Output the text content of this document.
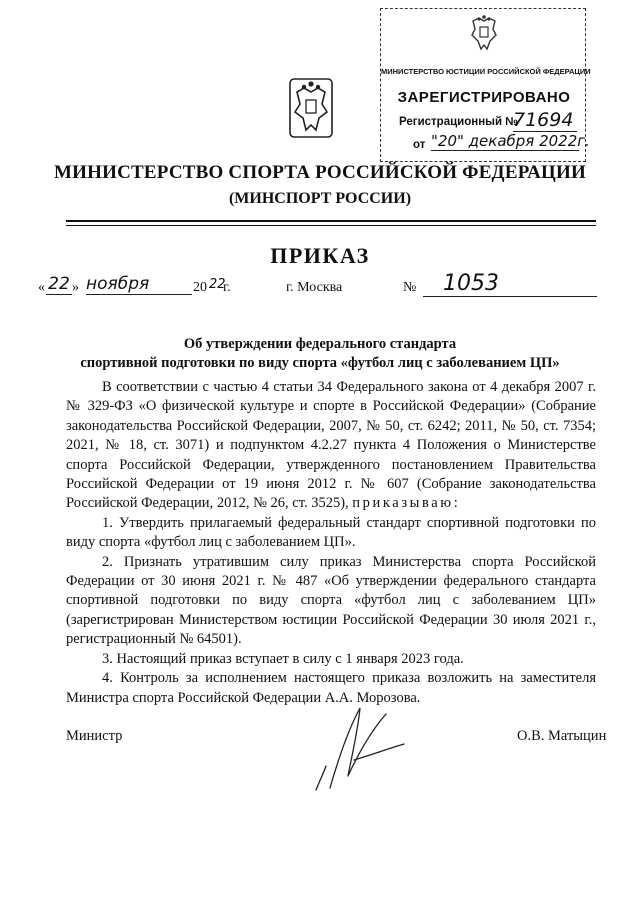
МИНИСТЕРСТВО ЮСТИЦИИ РОССИЙСКОЙ ФЕДЕРАЦИИ
ЗАРЕГИСТРИРОВАНО
Регистрационный №
71694
от "20" декабря 2022г.
МИНИСТЕРСТВО СПОРТА РОССИЙСКОЙ ФЕДЕРАЦИИ
(МИНСПОРТ РОССИИ)
ПРИКАЗ
« 22 » ноября	20 22
г.	г. Москва	№	1053
Об утверждении федерального стандарта
спортивной подготовки по виду спорта «футбол лиц с заболеванием ЦП»

В соответствии с частью 4 статьи 34 Федерального закона от 4 декабря 2007 г. № 329-ФЗ «О физической культуре и спорте в Российской Федерации» (Собрание законодательства Российской Федерации, 2007, № 50, ст. 6242; 2011, № 50, ст. 7354; 2021, № 18, ст. 3071) и подпунктом 4.2.27 пункта 4 Положения о Министерстве спорта Российской Федерации, утвержденного постановлением Правительства Российской Федерации от 19 июня 2012 г. № 607 (Собрание законодательства Российской Федерации, 2012, № 26, ст. 3525), приказываю:

1. Утвердить прилагаемый федеральный стандарт спортивной подготовки по виду спорта «футбол лиц с заболеванием ЦП».

2. Признать утратившим силу приказ Министерства спорта Российской Федерации от 30 июня 2021 г. № 487 «Об утверждении федерального стандарта спортивной подготовки по виду спорта «футбол лиц с заболеванием ЦП» (зарегистрирован Министерством юстиции Российской Федерации 30 июля 2021 г., регистрационный № 64501).

3. Настоящий приказ вступает в силу с 1 января 2023 года.

4. Контроль за исполнением настоящего приказа возложить на заместителя Министра спорта Российской Федерации А.А. Морозова.

Министр	О.В. Матыцин
